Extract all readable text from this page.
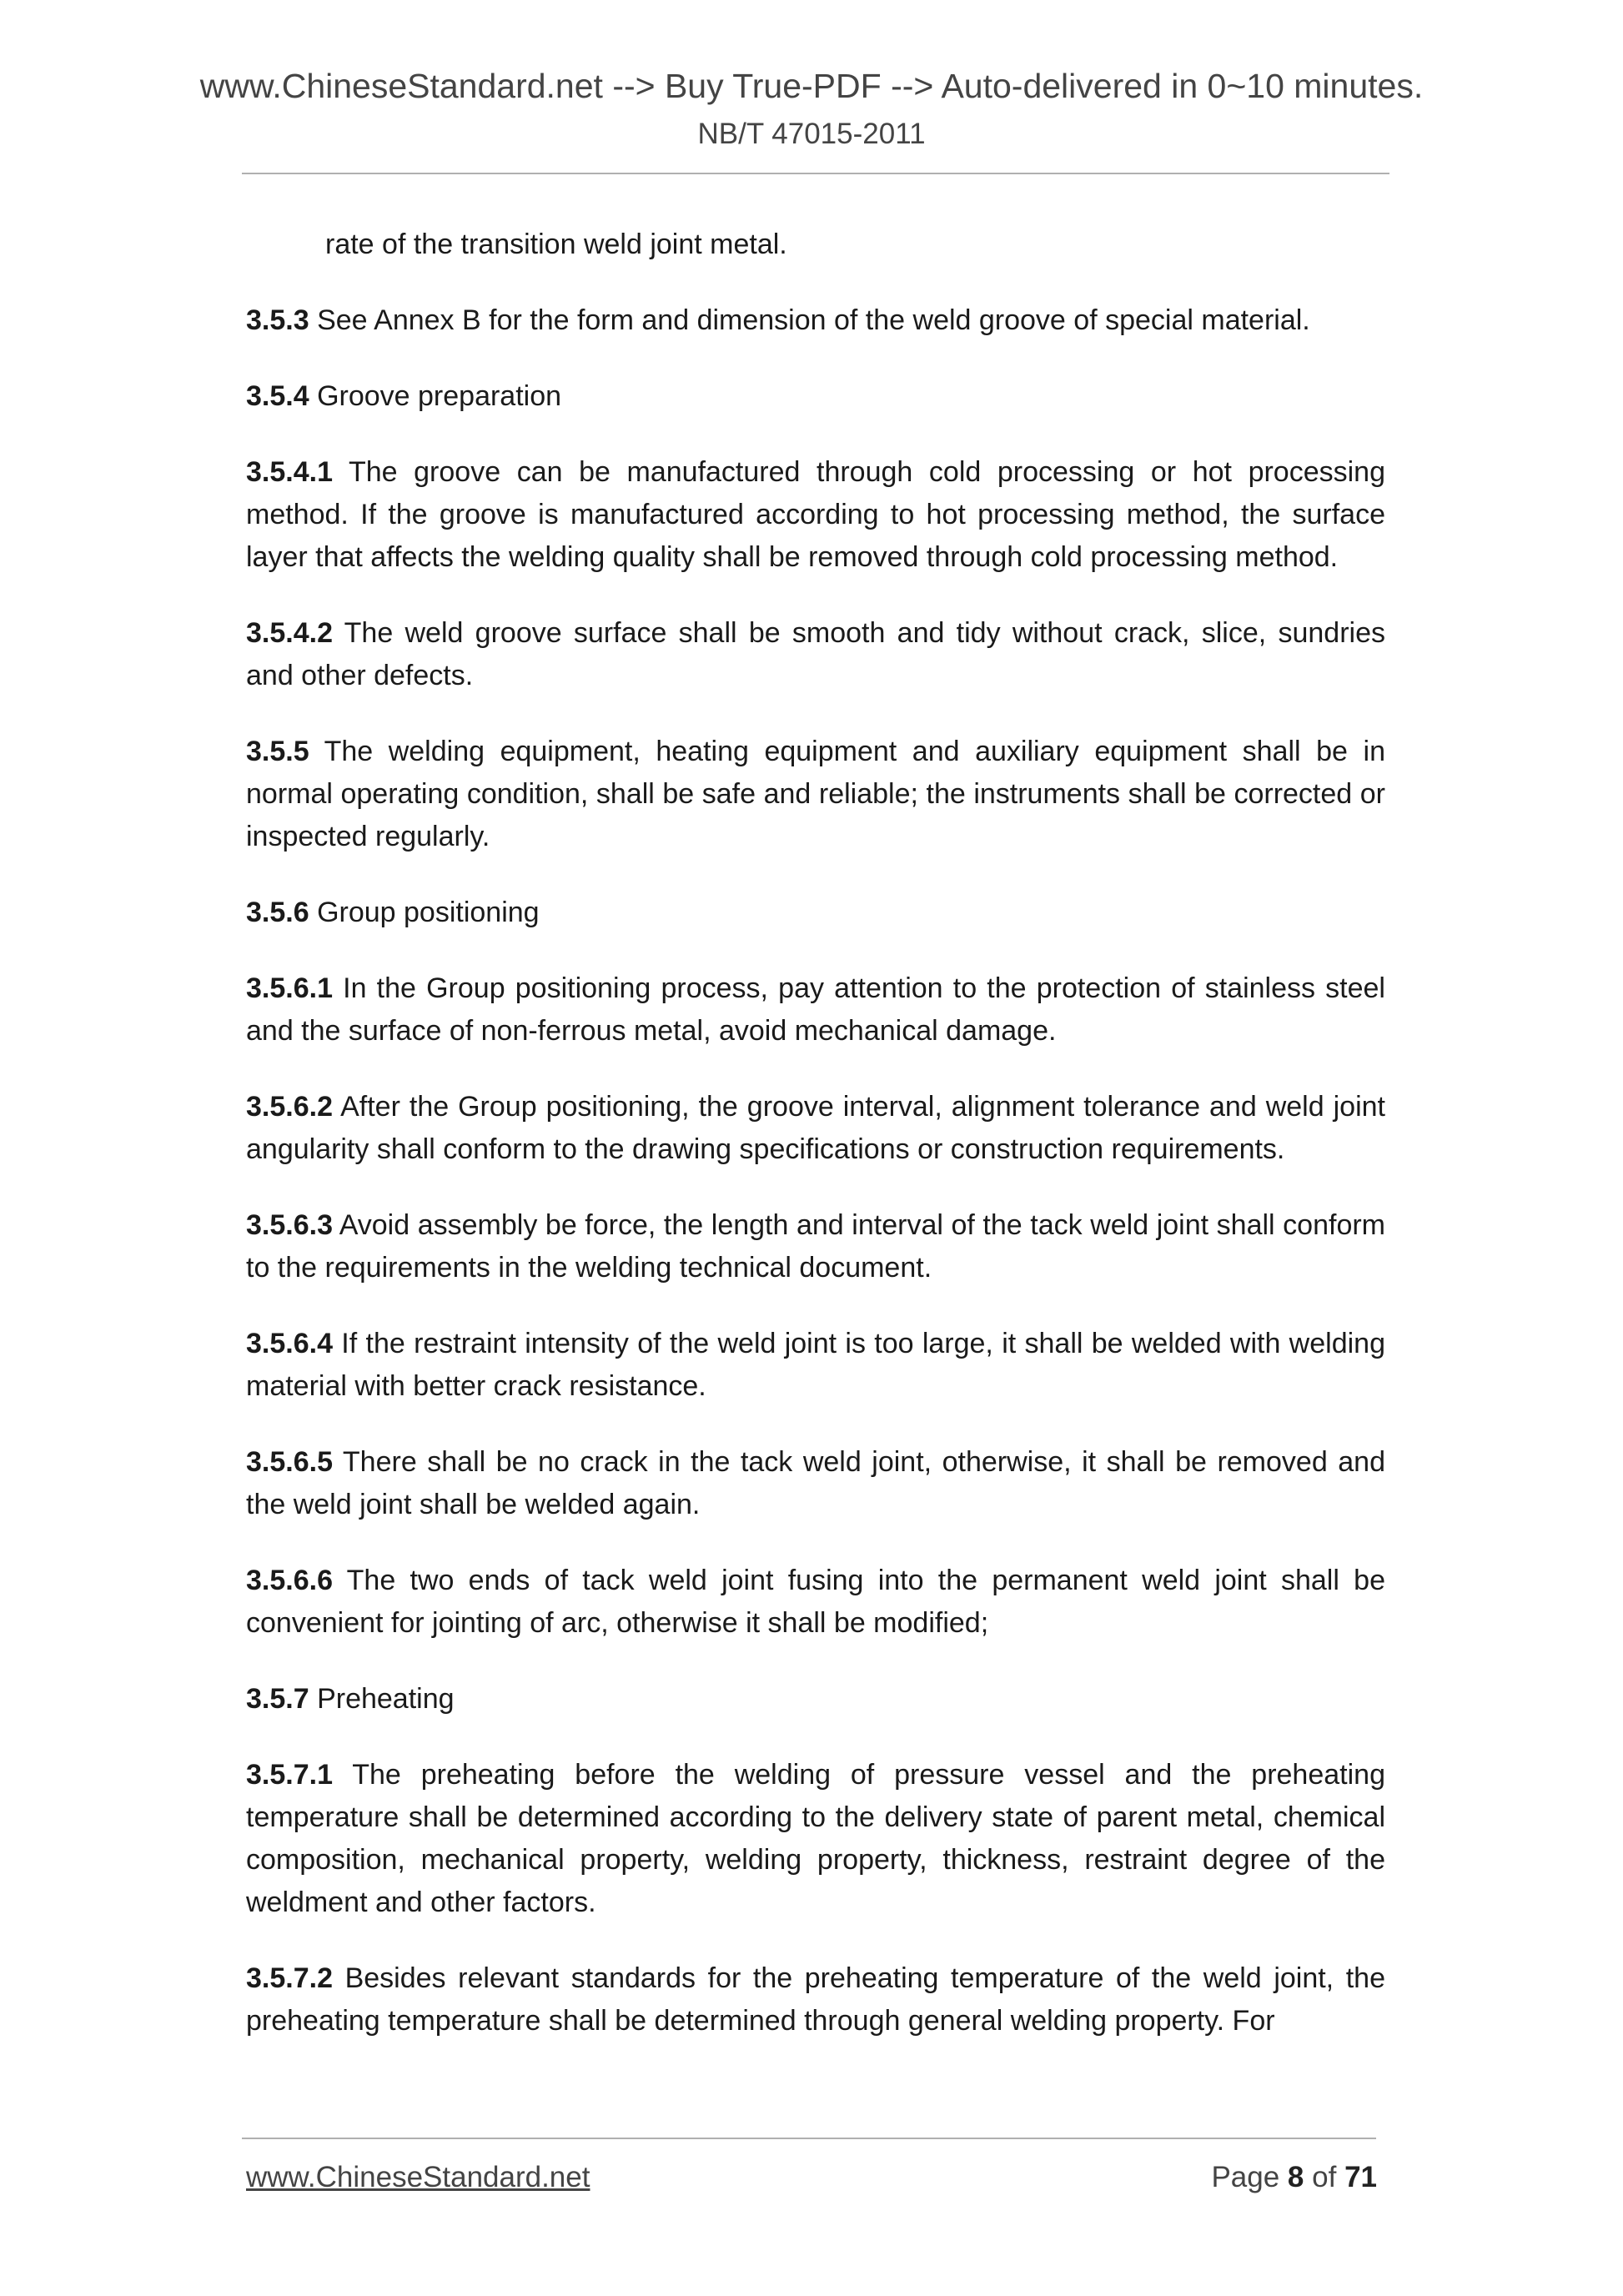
www.ChineseStandard.net --> Buy True-PDF --> Auto-delivered in 0~10 minutes.
NB/T 47015-2011

rate of the transition weld joint metal.

3.5.3 See Annex B for the form and dimension of the weld groove of special material.

3.5.4 Groove preparation

3.5.4.1 The groove can be manufactured through cold processing or hot processing method. If the groove is manufactured according to hot processing method, the surface layer that affects the welding quality shall be removed through cold processing method.

3.5.4.2 The weld groove surface shall be smooth and tidy without crack, slice, sundries and other defects.

3.5.5 The welding equipment, heating equipment and auxiliary equipment shall be in normal operating condition, shall be safe and reliable; the instruments shall be corrected or inspected regularly.

3.5.6 Group positioning

3.5.6.1 In the Group positioning process, pay attention to the protection of stainless steel and the surface of non-ferrous metal, avoid mechanical damage.

3.5.6.2 After the Group positioning, the groove interval, alignment tolerance and weld joint angularity shall conform to the drawing specifications or construction requirements.

3.5.6.3 Avoid assembly be force, the length and interval of the tack weld joint shall conform to the requirements in the welding technical document.

3.5.6.4 If the restraint intensity of the weld joint is too large, it shall be welded with welding material with better crack resistance.

3.5.6.5 There shall be no crack in the tack weld joint, otherwise, it shall be removed and the weld joint shall be welded again.

3.5.6.6 The two ends of tack weld joint fusing into the permanent weld joint shall be convenient for jointing of arc, otherwise it shall be modified;

3.5.7 Preheating

3.5.7.1 The preheating before the welding of pressure vessel and the preheating temperature shall be determined according to the delivery state of parent metal, chemical composition, mechanical property, welding property, thickness, restraint degree of the weldment and other factors.

3.5.7.2 Besides relevant standards for the preheating temperature of the weld joint, the preheating temperature shall be determined through general welding property. For

www.ChineseStandard.net	Page 8 of 71
